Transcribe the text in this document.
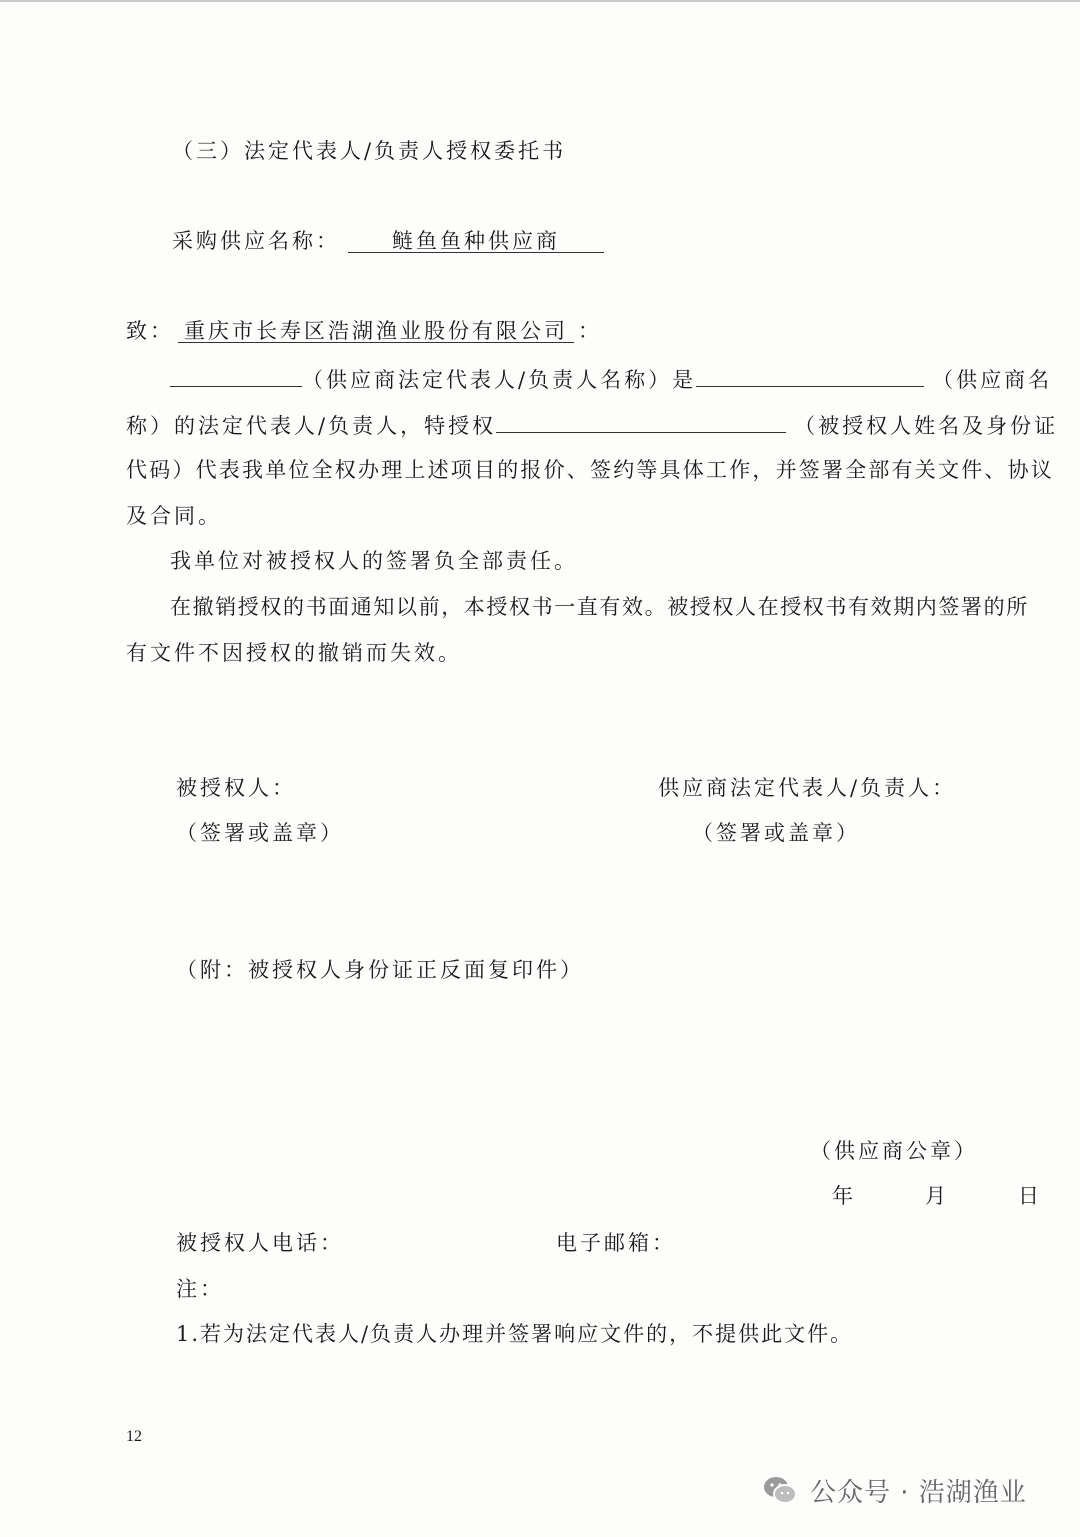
（三）法定代表人/负责人授权委托书
采购供应名称： 鲢鱼鱼种供应商
致： 重庆市长寿区浩湖渔业股份有限公司 ：
（供应商法定代表人/负责人名称）是	（供应商名
称）的法定代表人/负责人，特授权	（被授权人姓名及身份证
代码）代表我单位全权办理上述项目的报价、签约等具体工作，并签署全部有关文件、协议
及合同。
我单位对被授权人的签署负全部责任。
在撤销授权的书面通知以前，本授权书一直有效。被授权人在授权书有效期内签署的所
有文件不因授权的撤销而失效。
被授权人：
（签署或盖章）
供应商法定代表人/负责人：
（签署或盖章）
（附：被授权人身份证正反面复印件）
（供应商公章）
年　　月　　日
被授权人电话：	电子邮箱：
注：
1.若为法定代表人/负责人办理并签署响应文件的，不提供此文件。
12
公众号 · 浩湖渔业
